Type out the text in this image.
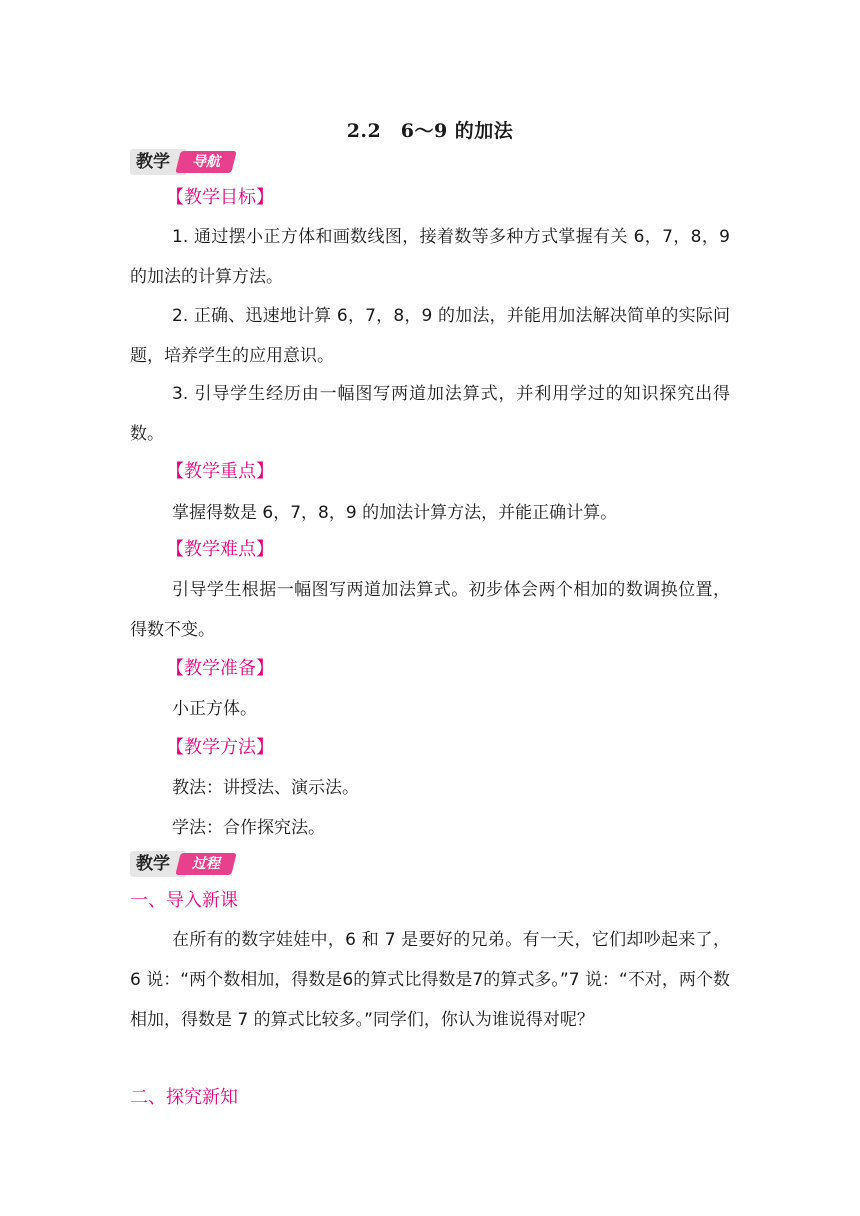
2.2　6～9 的加法
教学	导航
【教学目标】
1. 通过摆小正方体和画数线图，接着数等多种方式掌握有关 6，7，8，9 的加法的计算方法。
2. 正确、迅速地计算 6，7，8，9 的加法，并能用加法解决简单的实际问题，培养学生的应用意识。
3. 引导学生经历由一幅图写两道加法算式，并利用学过的知识探究出得数。
【教学重点】
掌握得数是 6，7，8，9 的加法计算方法，并能正确计算。
【教学难点】
引导学生根据一幅图写两道加法算式。初步体会两个相加的数调换位置，得数不变。
【教学准备】
小正方体。
【教学方法】
教法：讲授法、演示法。
学法：合作探究法。
教学	过程
一、导入新课
在所有的数字娃娃中，6 和 7 是要好的兄弟。有一天，它们却吵起来了，6 说：“两个数相加，得数是6的算式比得数是7的算式多。”7 说：“不对，两个数相加，得数是 7 的算式比较多。”同学们，你认为谁说得对呢？
二、探究新知
